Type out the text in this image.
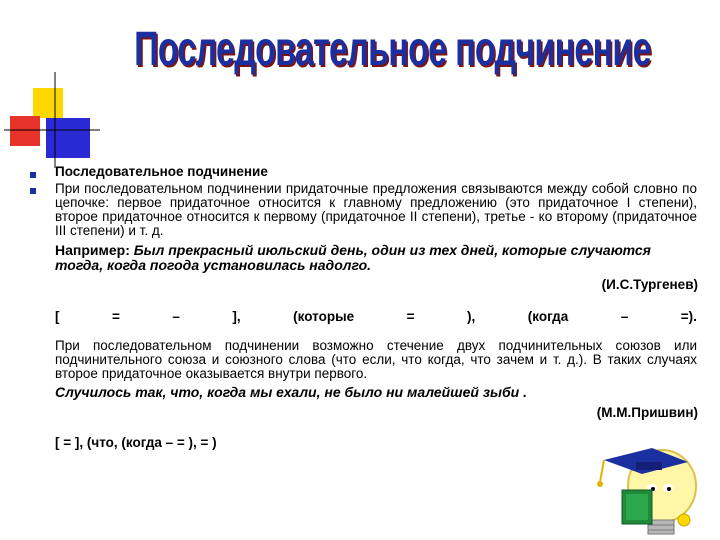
Последовательное подчинение
Последовательное подчинение
При последовательном подчинении придаточные предложения связываются между собой словно по цепочке: первое придаточное относится к главному предложению (это придаточное I степени), второе придаточное относится к первому (придаточное II степени), третье - ко второму (придаточное III степени) и т. д.
Например: Был прекрасный июльский день, один из тех дней, которые случаются тогда, когда погода установилась надолго.
(И.С.Тургенев)
[	=	–	],	(которые	=	),	(когда	–	=).
При последовательном подчинении возможно стечение двух подчинительных союзов или подчинительного союза и союзного слова (что если, что когда, что зачем и т. д.). В таких случаях второе придаточное оказывается внутри первого.
Случилось так, что, когда мы ехали, не было ни малейшей зыби .
(М.М.Пришвин)
[ = ], (что, (когда – = ), = )
